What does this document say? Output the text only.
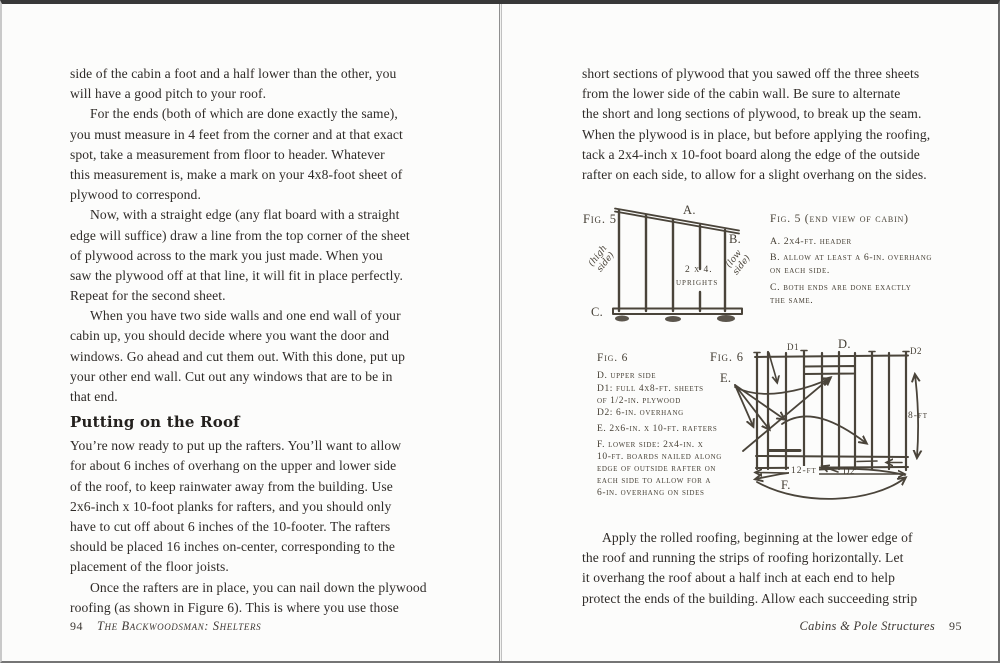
side of the cabin a foot and a half lower than the other, you
will have a good pitch to your roof.
For the ends (both of which are done exactly the same),
you must measure in 4 feet from the corner and at that exact
spot, take a measurement from floor to header. Whatever
this measurement is, make a mark on your 4x8-foot sheet of
plywood to correspond.
Now, with a straight edge (any flat board with a straight
edge will suffice) draw a line from the top corner of the sheet
of plywood across to the mark you just made. When you
saw the plywood off at that line, it will fit in place perfectly.
Repeat for the second sheet.
When you have two side walls and one end wall of your
cabin up, you should decide where you want the door and
windows. Go ahead and cut them out. With this done, put up
your other end wall. Cut out any windows that are to be in
that end.
Putting on the Roof
You’re now ready to put up the rafters. You’ll want to allow
for about 6 inches of overhang on the upper and lower side
of the roof, to keep rainwater away from the building. Use
2x6-inch x 10-foot planks for rafters, and you should only
have to cut off about 6 inches of the 10-footer. The rafters
should be placed 16 inches on-center, corresponding to the
placement of the floor joists.
Once the rafters are in place, you can nail down the plywood
roofing (as shown in Figure 6). This is where you use those
94 The Backwoodsman: Shelters
short sections of plywood that you sawed off the three sheets
from the lower side of the cabin wall. Be sure to alternate
the short and long sections of plywood, to break up the seam.
When the plywood is in place, but before applying the roofing,
tack a 2x4-inch x 10-foot board along the edge of the outside
rafter on each side, to allow for a slight overhang on the sides.
Fig. 5
A.
B.
C.
2 x 4.
uprights
(high side)	(low side)
Fig. 5 (end view of cabin)
A. 2x4-ft. header
B. allow at least a 6-in. overhang
on each side.
C. both ends are done exactly
the same.
Fig. 6
D. upper side
D1: full 4x8-ft. sheets
of 1/2-in. plywood
D2: 6-in. overhang
E. 2x6-in. x 10-ft. rafters
F. lower side: 2x4-in. x
10-ft. boards nailed along
edge of outside rafter on
each side to allow for a
6-in. overhang on sides
Fig. 6
D1	D.	D2
E.
8-ft
12-ft	D2
F.
Apply the rolled roofing, beginning at the lower edge of
the roof and running the strips of roofing horizontally. Let
it overhang the roof about a half inch at each end to help
protect the ends of the building. Allow each succeeding strip
Cabins & Pole Structures 95
